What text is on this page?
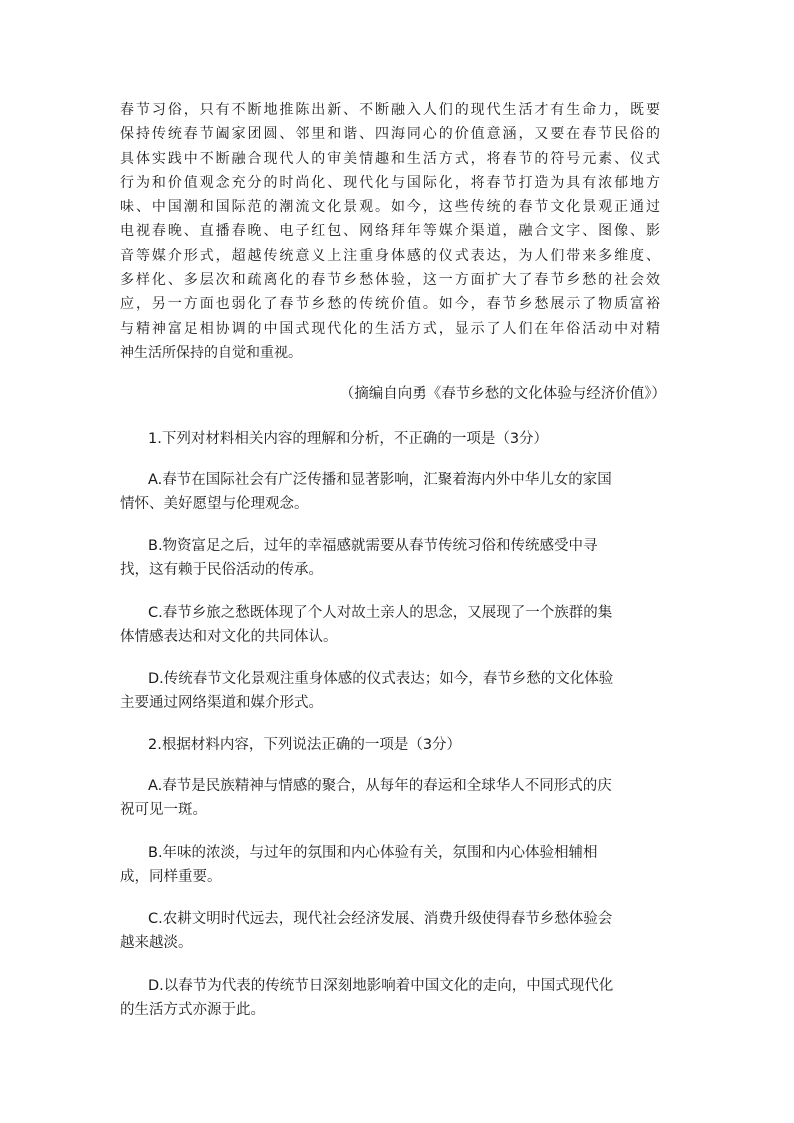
春节习俗，只有不断地推陈出新、不断融入人们的现代生活才有生命力，既要
保持传统春节阖家团圆、邻里和谐、四海同心的价值意涵，又要在春节民俗的
具体实践中不断融合现代人的审美情趣和生活方式，将春节的符号元素、仪式
行为和价值观念充分的时尚化、现代化与国际化，将春节打造为具有浓郁地方
味、中国潮和国际范的潮流文化景观。如今，这些传统的春节文化景观正通过
电视春晚、直播春晚、电子红包、网络拜年等媒介渠道，融合文字、图像、影
音等媒介形式，超越传统意义上注重身体感的仪式表达，为人们带来多维度、
多样化、多层次和疏离化的春节乡愁体验，这一方面扩大了春节乡愁的社会效
应，另一方面也弱化了春节乡愁的传统价值。如今，春节乡愁展示了物质富裕
与精神富足相协调的中国式现代化的生活方式，显示了人们在年俗活动中对精
神生活所保持的自觉和重视。
（摘编自向勇《春节乡愁的文化体验与经济价值》）
1.下列对材料相关内容的理解和分析，不正确的一项是（3分）
A.春节在国际社会有广泛传播和显著影响，汇聚着海内外中华儿女的家国
情怀、美好愿望与伦理观念。
B.物资富足之后，过年的幸福感就需要从春节传统习俗和传统感受中寻
找，这有赖于民俗活动的传承。
C.春节乡旅之愁既体现了个人对故土亲人的思念，又展现了一个族群的集
体情感表达和对文化的共同体认。
D.传统春节文化景观注重身体感的仪式表达；如今，春节乡愁的文化体验
主要通过网络渠道和媒介形式。
2.根据材料内容，下列说法正确的一项是（3分）
A.春节是民族精神与情感的聚合，从每年的春运和全球华人不同形式的庆
祝可见一斑。
B.年味的浓淡，与过年的氛围和内心体验有关，氛围和内心体验相辅相
成，同样重要。
C.农耕文明时代远去，现代社会经济发展、消费升级使得春节乡愁体验会
越来越淡。
D.以春节为代表的传统节日深刻地影响着中国文化的走向，中国式现代化
的生活方式亦源于此。
